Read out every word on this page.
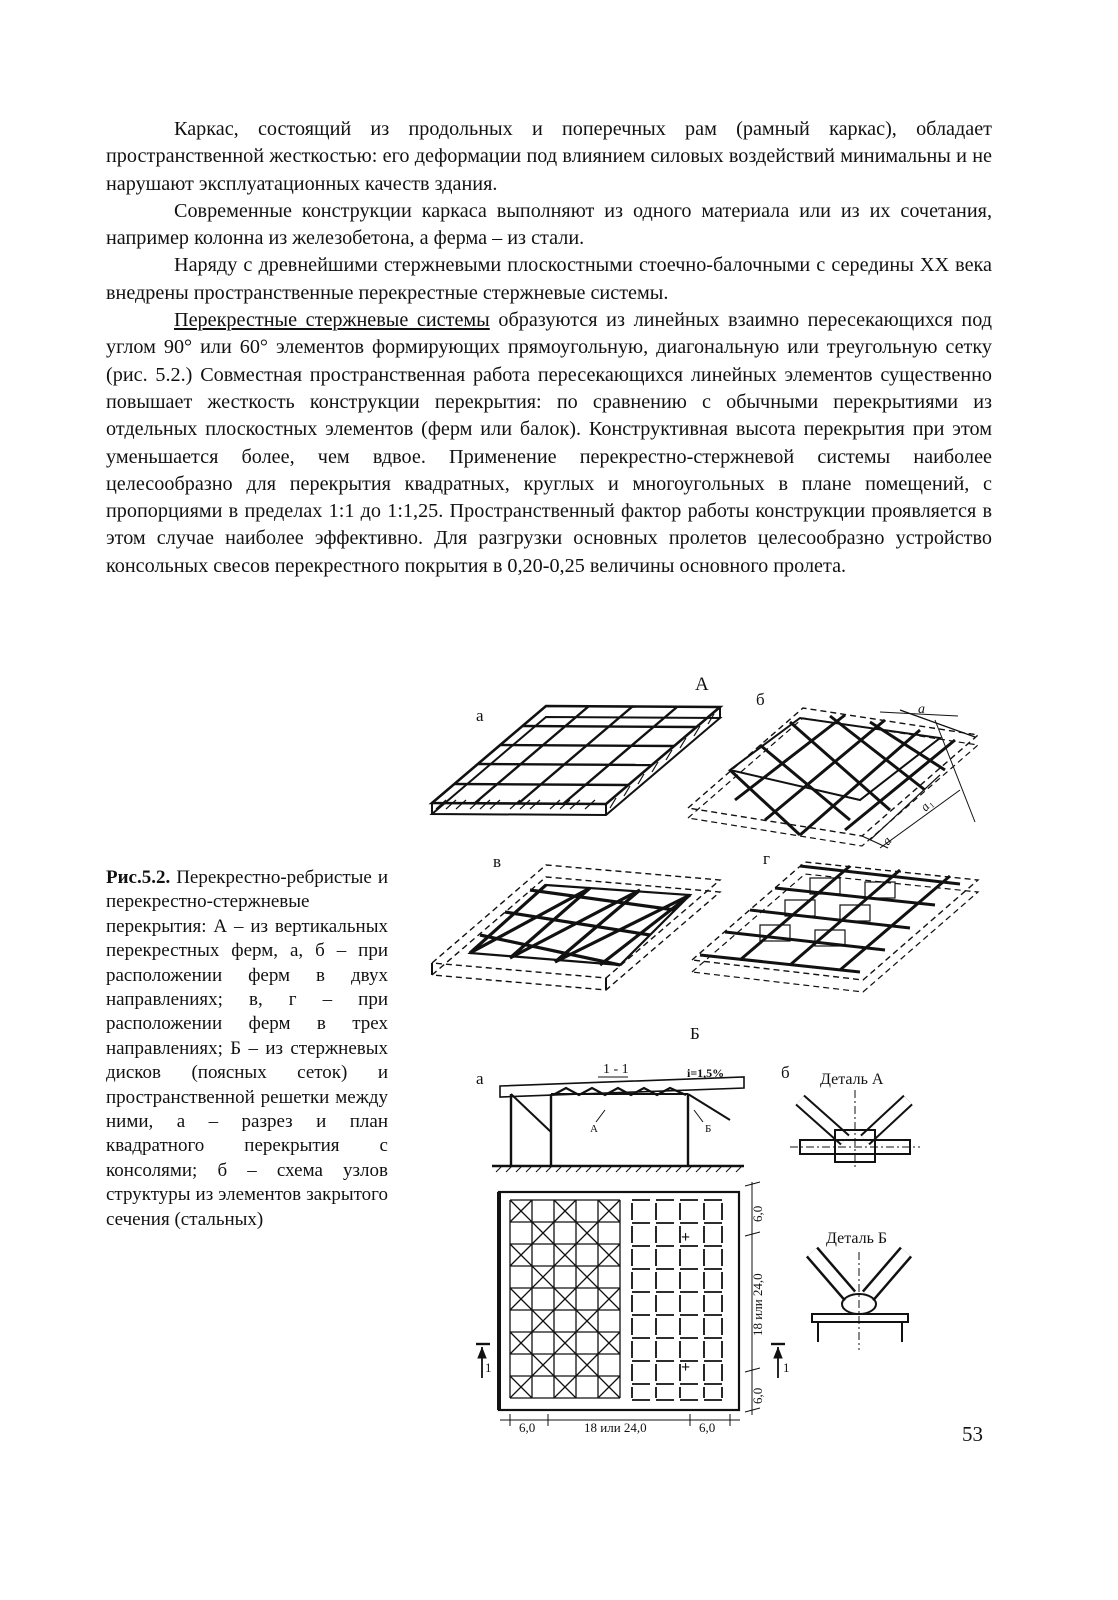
Каркас, состоящий из продольных и поперечных рам (рамный каркас), обладает пространственной жесткостью: его деформации под влиянием силовых воздействий минимальны и не нарушают эксплуатационных качеств здания.

Современные конструкции каркаса выполняют из одного материала или из их сочетания, например колонна из железобетона, а ферма – из стали.

Наряду с древнейшими стержневыми плоскостными стоечно-балочными с середины XX века внедрены пространственные перекрестные стержневые системы.

Перекрестные стержневые системы образуются из линейных взаимно пересекающихся под углом 90° или 60° элементов формирующих прямоугольную, диагональную или треугольную сетку (рис. 5.2.) Совместная пространственная работа пересекающихся линейных элементов существенно повышает жесткость конструкции перекрытия: по сравнению с обычными перекрытиями из отдельных плоскостных элементов (ферм или балок). Конструктивная высота перекрытия при этом уменьшается более, чем вдвое. Применение перекрестно-стержневой системы наиболее целесообразно для перекрытия квадратных, круглых и многоугольных в плане помещений, с пропорциями в пределах 1:1 до 1:1,25. Пространственный фактор работы конструкции проявляется в этом случае наиболее эффективно. Для разгрузки основных пролетов целесообразно устройство консольных свесов перекрестного покрытия в 0,20-0,25 величины основного пролета.

Рис.5.2. Перекрестно-ребристые и перекрестно-стержневые перекрытия: А – из вертикальных перекрестных ферм, а, б – при расположении ферм в двух направлениях; в, г – при расположении ферм в трех направлениях; Б – из стержневых дисков (поясных сеток) и пространственной решетки между ними, а – разрез и план квадратного перекрытия с консолями; б – схема узлов структуры из элементов закрытого сечения (стальных)
А
а
б
a
a₁
a
в	г
Б
а	б
1 - 1	i=1,5%
А	Б
Деталь А
Деталь Б
+
+
1	1
6,0
18 или 24,0
6,0
6,0	18 или 24,0	6,0	53
